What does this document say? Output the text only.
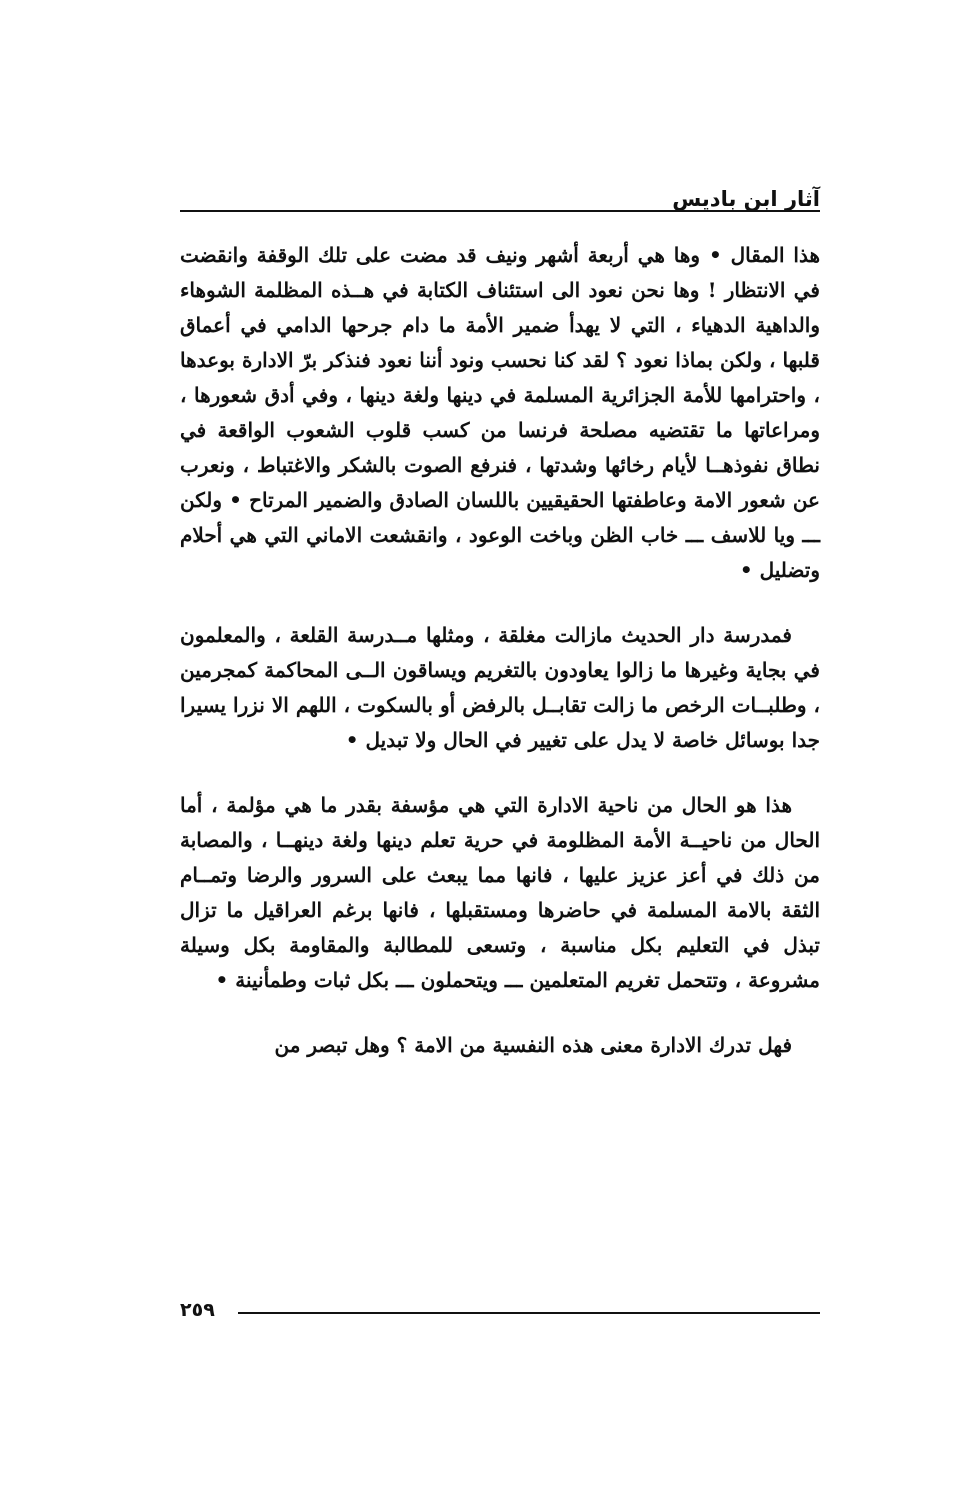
آثار ابن باديس

هذا المقال • وها هي أربعة أشهر ونيف قد مضت على تلك الوقفة وانقضت في الانتظار ! وها نحن نعود الى استئناف الكتابة في هــذه المظلمة الشوهاء والداهية الدهياء ، التي لا يهدأ ضمير الأمة ما دام جرحها الدامي في أعماق قلبها ، ولكن بماذا نعود ؟ لقد كنا نحسب ونود أننا نعود فنذكر برّ الادارة بوعدها ، واحترامها للأمة الجزائرية المسلمة في دينها ولغة دينها ، وفي أدق شعورها ، ومراعاتها ما تقتضيه مصلحة فرنسا من كسب قلوب الشعوب الواقعة في نطاق نفوذهــا لأيام رخائها وشدتها ، فنرفع الصوت بالشكر والاغتباط ، ونعرب عن شعور الامة وعاطفتها الحقيقيين باللسان الصادق والضمير المرتاح • ولكن ـــ ويا للاسف ـــ خاب الظن وباخت الوعود ، وانقشعت الاماني التي هي أحلام وتضليل •

فمدرسة دار الحديث مازالت مغلقة ، ومثلها مــدرسة القلعة ، والمعلمون في بجاية وغيرها ما زالوا يعاودون بالتغريم ويساقون الــى المحاكمة كمجرمين ، وطلبــات الرخص ما زالت تقابــل بالرفض أو بالسكوت ، اللهم الا نزرا يسيرا جدا بوسائل خاصة لا يدل على تغيير في الحال ولا تبديل •

هذا هو الحال من ناحية الادارة التي هي مؤسفة بقدر ما هي مؤلمة ، أما الحال من ناحيــة الأمة المظلومة في حرية تعلم دينها ولغة دينهــا ، والمصابة من ذلك في أعز عزيز عليها ، فانها مما يبعث على السرور والرضا وتمــام الثقة بالامة المسلمة في حاضرها ومستقبلها ، فانها برغم العراقيل ما تزال تبذل في التعليم بكل مناسبة ، وتسعى للمطالبة والمقاومة بكل وسيلة مشروعة ، وتتحمل تغريم المتعلمين ـــ ويتحملون ـــ بكل ثبات وطمأنينة •

فهل تدرك الادارة معنى هذه النفسية من الامة ؟ وهل تبصر من

٢٥٩
